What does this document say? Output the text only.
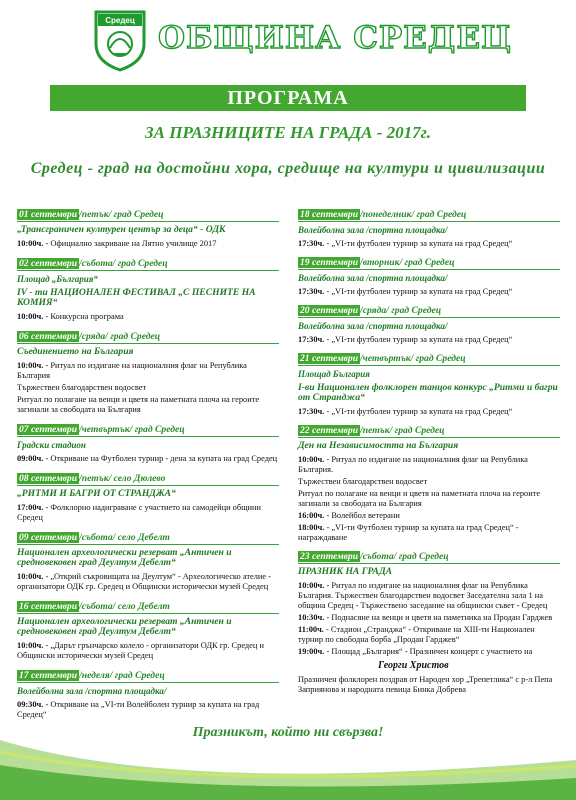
Средец ОБЩИНА СРЕДЕЦ
ПРОГРАМА
ЗА ПРАЗНИЦИТЕ НА ГРАДА - 2017г.
Средец - град на достойни хора, средище на култури и цивилизации
01 септември /петък/ град Средец
„Трансграничен културен център за деца“ - ОДК
10:00ч. - Официално закриване на Лятно училище 2017
02 септември /събота/ град Средец
Площад „България“
IV - ти НАЦИОНАЛЕН ФЕСТИВАЛ „С ПЕСНИТЕ НА КОМИЯ“
10:00ч. - Конкурсна програма
06 септември /сряда/ град Средец
Съединението на България
10:00ч. - Ритуал по издигане на националния флаг на Република България
Тържествен благодарствен водосвет
Ритуал по полагане на венци и цветя на паметната плоча на героите загинали за свободата на България
07 септември /четвъртък/ град Средец
Градски стадион
09:00ч. - Откриване на Футболен турнир - дена за купата на град Средец
08 септември /петък/ село Дюлево
„РИТМИ И БАГРИ ОТ СТРАНДЖА“
17:00ч. - Фолклорно надиграване с участието на самодейци общини Средец
09 септември /събота/ село Дебелт
Национален археологически резерват „Античен и средновековен град Деултум Дебелт“
10:00ч. - „Открий съкровищата на Деултум“ - Археологическо ателие - организатори ОДК гр. Средец и Общински исторически музей Средец
16 септември /събота/ село Дебелт
Национален археологически резерват „Античен и средновековен град Деултум Дебелт“
10:00ч. - „Дарът грънчарско колело - организатори ОДК гр. Средец и Общински исторически музей Средец
17 септември /неделя/ град Средец
Волейболна зала /спортна площадка/
09:30ч. - Откриване на „VI-ти Волейболен турнир за купата на град Средец“
18 септември /понеделник/ град Средец
Волейболна зала /спортна площадка/
17:30ч. - „VI-ти футболен турнир за купата на град Средец“
19 септември /вторник/ град Средец
Волейболна зала /спортна площадка/
17:30ч. - „VI-ти футболен турнир за купата на град Средец“
20 септември /сряда/ град Средец
Волейболна зала /спортна площадка/
17:30ч. - „VI-ти футболен турнир за купата на град Средец“
21 септември /четвъртък/ град Средец
Площад България
I-ви Национален фолклорен танцов конкурс „Ритми и багри от Странджа“
17:30ч. - „VI-ти футболен турнир за купата на град Средец“
22 септември /петък/ град Средец
Ден на Независимостта на България
10:00ч. - Ритуал по издигане на националния флаг на Република България.
Тържествен благодарствен водосвет
Ритуал по полагане на венци и цветя на паметната плоча на героите загинали за свободата на България
16:00ч. - Волейбол ветерани
18:00ч. - „VI-ти Футболен турнир за купата на град Средец“ - награждаване
23 септември /събота/ град Средец
ПРАЗНИК НА ГРАДА
10:00ч. - Ритуал по издигане на националния флаг на Република България. Тържествен благодарствен водосвет Заседателна зала 1 на община Средец - Тържествено заседание на общински съвет - Средец
10:30ч. - Поднасяне на венци и цветя на паметника на Продан Гарджев
11:00ч. - Стадион „Странджа“ - Откриване на XIII-ти Национален турнир по свободна борба „Продан Гарджев“
19:00ч. - Площад „България“ - Празничен концерт с участието на
Георги Христов
Празничен фолклорен поздрав от Народен хор „Трепетлика“ с р-л Пепа Заприянова и народната певица Бинка Добрева
Празникът, който ни свързва!
